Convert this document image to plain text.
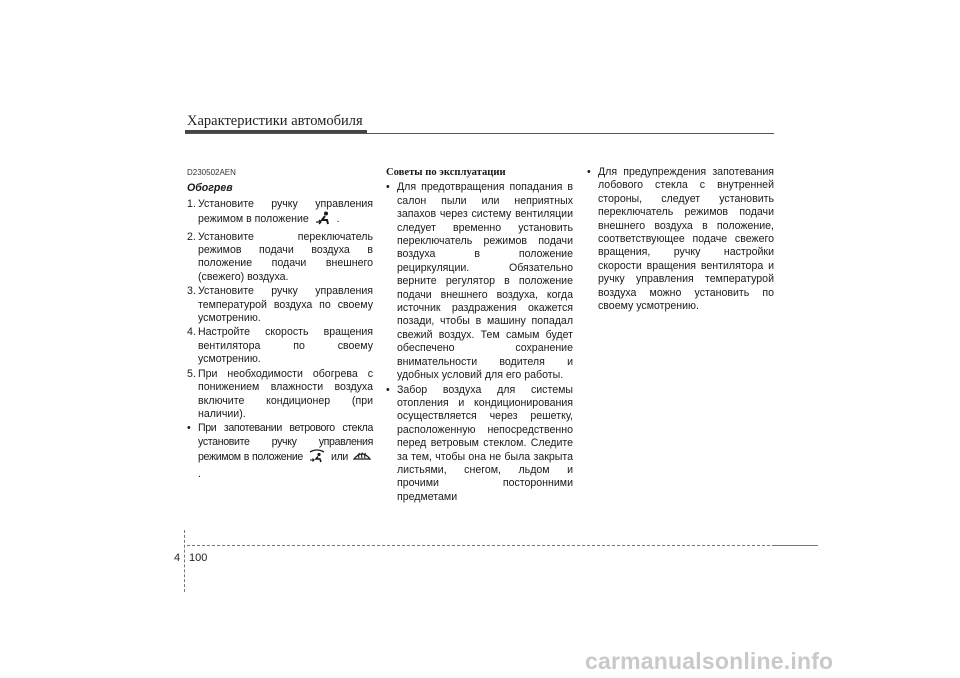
Характеристики автомобиля
D230502AEN
Обогрев
1. Установите ручку управления режимом в положение	.
2. Установите переключатель режимов подачи воздуха в положение подачи внешнего (свежего) воздуха.
3. Установите ручку управления температурой воздуха по своему усмотрению.
4. Настройте скорость вращения вентилятора по своему усмотрению.
5. При необходимости обогрева с понижением влажности воздуха включите кондиционер (при наличии).
• При запотевании ветрового стекла установите ручку управления режимом в положение	или  .
Советы по эксплуатации
• Для предотвращения попадания в салон пыли или неприятных запахов через систему вентиляции следует временно установить переключатель режимов подачи воздуха в положение рециркуляции. Обязательно верните регулятор в положение подачи внешнего воздуха, когда источник раздражения окажется позади, чтобы в машину попадал свежий воздух. Тем самым будет обеспечено сохранение внимательности водителя и удобных условий для его работы.
• Забор воздуха для системы отопления и кондиционирования осуществляется через решетку, расположенную непосредственно перед ветровым стеклом. Следите за тем, чтобы она не была закрыта листьями, снегом, льдом и прочими посторонними предметами
• Для предупреждения запотевания лобового стекла с внутренней стороны, следует установить переключатель режимов подачи внешнего воздуха в положение, соответствующее подаче свежего вращения, ручку настройки скорости вращения вентилятора и ручку управления температурой воздуха можно установить по своему усмотрению.
4 100
carmanualsonline.info
